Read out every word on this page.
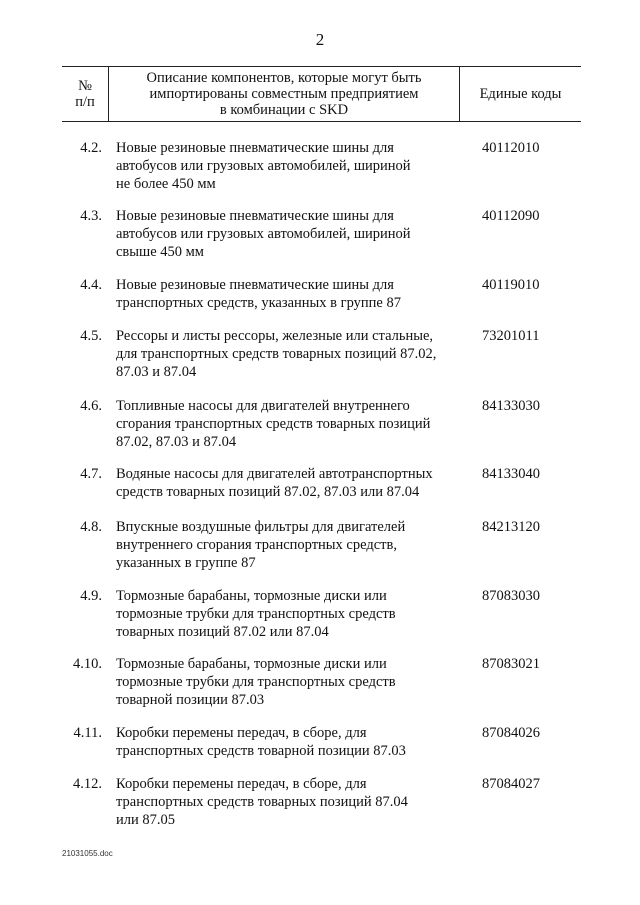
2
№
п/п
Описание компонентов, которые могут быть
импортированы совместным предприятием
в комбинации с SKD
Единые коды
4.2. Новые резиновые пневматические шины для
автобусов или грузовых автомобилей, шириной
не более 450 мм
40112010
4.3. Новые резиновые пневматические шины для
автобусов или грузовых автомобилей, шириной
свыше 450 мм
40112090
4.4. Новые резиновые пневматические шины для
транспортных средств, указанных в группе 87
40119010
4.5. Рессоры и листы рессоры, железные или стальные,
для транспортных средств товарных позиций 87.02,
87.03 и 87.04
73201011
4.6. Топливные насосы для двигателей внутреннего
сгорания транспортных средств товарных позиций
87.02, 87.03 и 87.04
84133030
4.7. Водяные насосы для двигателей автотранспортных
средств товарных позиций 87.02, 87.03 или 87.04
84133040
4.8. Впускные воздушные фильтры для двигателей
внутреннего сгорания транспортных средств,
указанных в группе 87
84213120
4.9. Тормозные барабаны, тормозные диски или
тормозные трубки для транспортных средств
товарных позиций 87.02 или 87.04
87083030
4.10. Тормозные барабаны, тормозные диски или
тормозные трубки для транспортных средств
товарной позиции 87.03
87083021
4.11. Коробки перемены передач, в сборе, для
транспортных средств товарной позиции 87.03
87084026
4.12. Коробки перемены передач, в сборе, для
транспортных средств товарных позиций 87.04
или 87.05
87084027
21031055.doc
